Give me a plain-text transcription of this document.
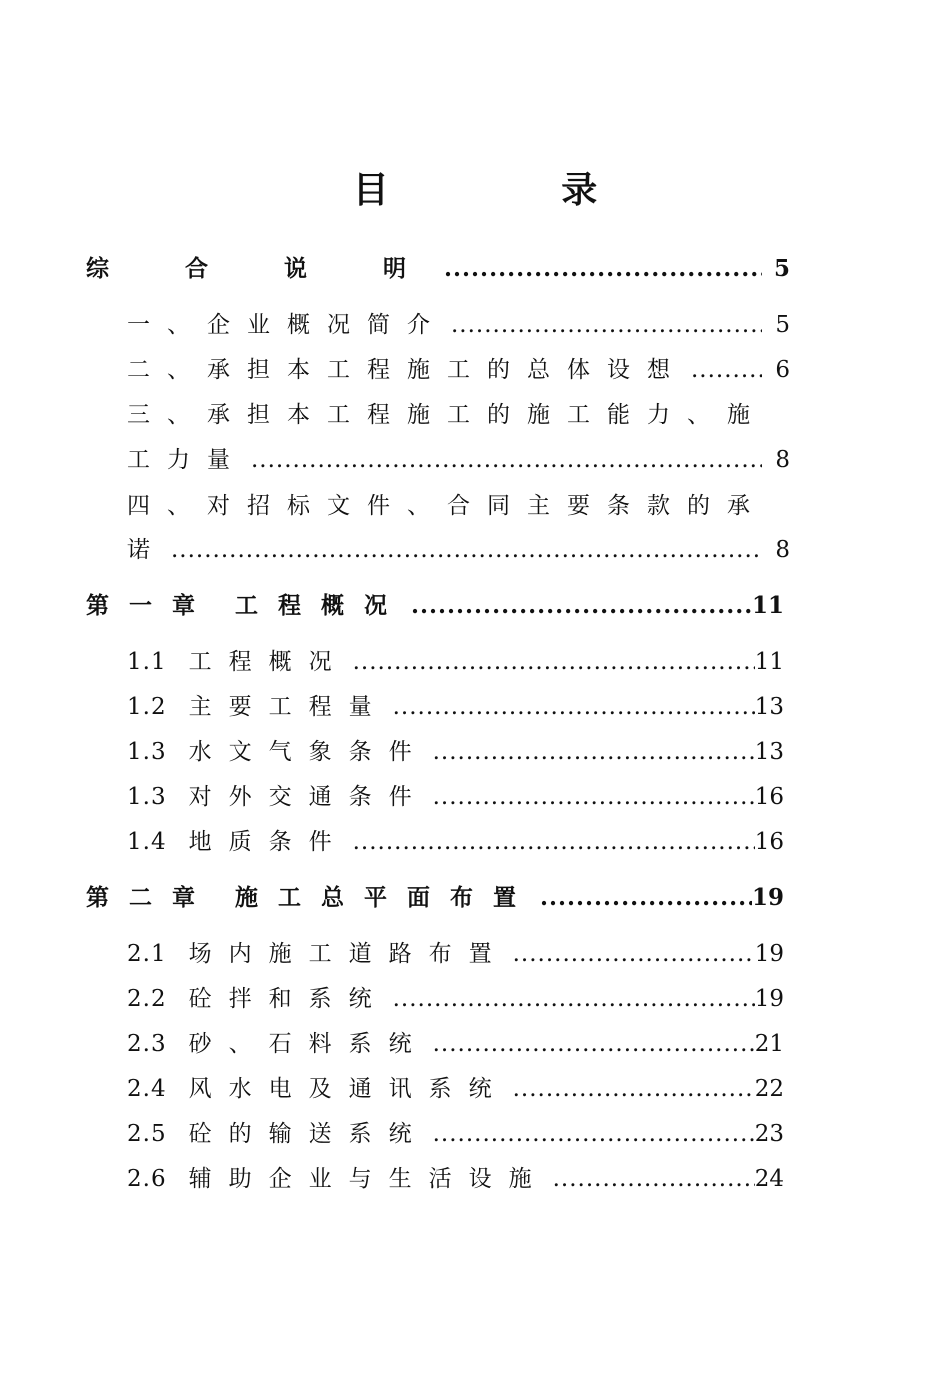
目 录
综 合 说 明 .....	5
一、企业概况简介 .....	5
二、承担本工程施工的总体设想 .....	6
三、承担本工程施工的施工能力、施
工力量 .....	8
四、对招标文件、合同主要条款的承
诺 .....	8
第一章 工程概况 .....	11
1.1 工程概况 .....	11
1.2 主要工程量 .....	13
1.3 水文气象条件 .....	13
1.3 对外交通条件 .....	16
1.4 地质条件 .....	16
第二章 施工总平面布置 .....	19
2.1 场内施工道路布置 .....	19
2.2 砼拌和系统 .....	19
2.3 砂、石料系统 .....	21
2.4 风水电及通讯系统 .....	22
2.5 砼的输送系统 .....	23
2.6 辅助企业与生活设施 .....	24
